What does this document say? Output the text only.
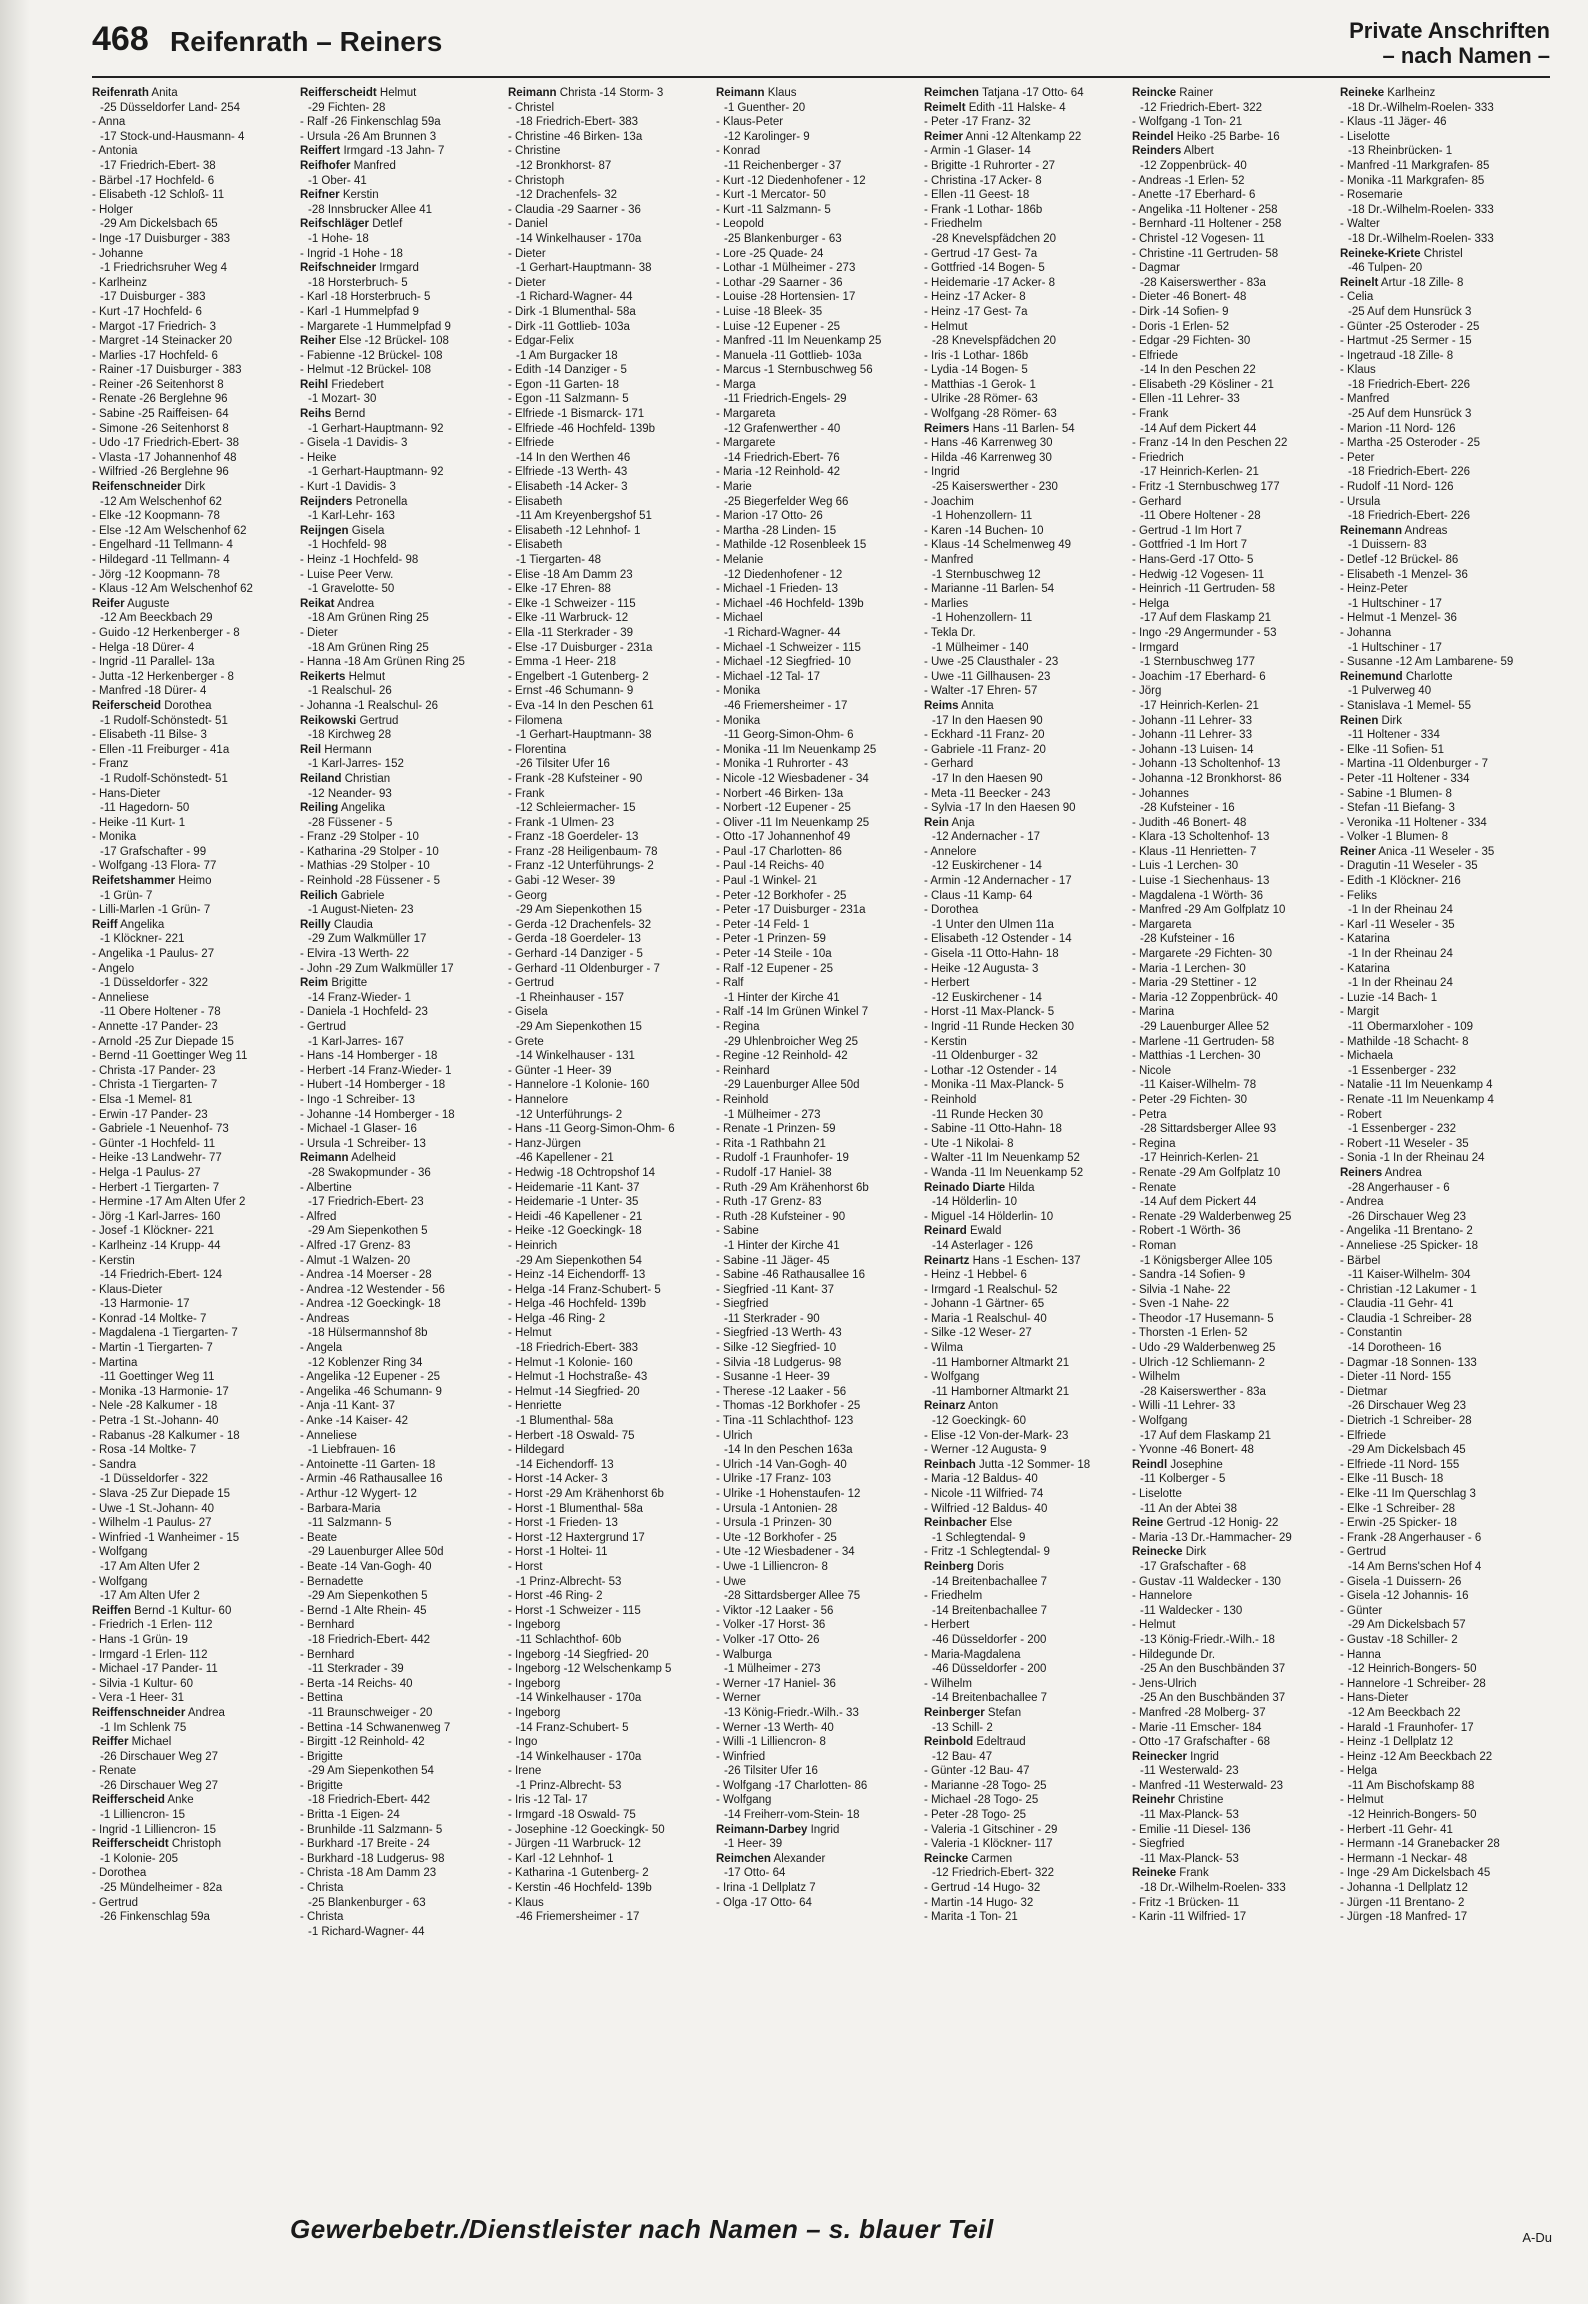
468 Reifenrath – Reiners	Private Anschriften
– nach Namen –
Reifenrath Anita
-25 Düsseldorfer Land- 254
- Anna
-17 Stock-und-Hausmann- 4
- Antonia
-17 Friedrich-Ebert- 38
- Bärbel -17 Hochfeld- 6
- Elisabeth -12 Schloß- 11
- Holger
-29 Am Dickelsbach 65
- Inge -17 Duisburger - 383
- Johanne
-1 Friedrichsruher Weg 4
- Karlheinz
-17 Duisburger - 383
- Kurt -17 Hochfeld- 6
- Margot -17 Friedrich- 3
- Margret -14 Steinacker 20
- Marlies -17 Hochfeld- 6
- Rainer -17 Duisburger - 383
- Reiner -26 Seitenhorst 8
- Renate -26 Berglehne 96
- Sabine -25 Raiffeisen- 64
- Simone -26 Seitenhorst 8
- Udo -17 Friedrich-Ebert- 38
- Vlasta -17 Johannenhof 48
- Wilfried -26 Berglehne 96
Reifenschneider Dirk
-12 Am Welschenhof 62
- Elke -12 Koopmann- 78
- Else -12 Am Welschenhof 62
- Engelhard -11 Tellmann- 4
- Hildegard -11 Tellmann- 4
- Jörg -12 Koopmann- 78
- Klaus -12 Am Welschenhof 62
Reifer Auguste
-12 Am Beeckbach 29
- Guido -12 Herkenberger - 8
- Helga -18 Dürer- 4
- Ingrid -11 Parallel- 13a
- Jutta -12 Herkenberger - 8
- Manfred -18 Dürer- 4
Reiferscheid Dorothea
-1 Rudolf-Schönstedt- 51
- Elisabeth -11 Bilse- 3
- Ellen -11 Freiburger - 41a
- Franz
-1 Rudolf-Schönstedt- 51
- Hans-Dieter
-11 Hagedorn- 50
- Heike -11 Kurt- 1
- Monika
-17 Grafschafter - 99
- Wolfgang -13 Flora- 77
Reifetshammer Heimo
-1 Grün- 7
- Lilli-Marlen -1 Grün- 7
Reiff Angelika
-1 Klöckner- 221
- Angelika -1 Paulus- 27
- Angelo
-1 Düsseldorfer - 322
- Anneliese
-11 Obere Holtener - 78
- Annette -17 Pander- 23
- Arnold -25 Zur Diepade 15
- Bernd -11 Goettinger Weg 11
- Christa -17 Pander- 23
- Christa -1 Tiergarten- 7
- Elsa -1 Memel- 81
- Erwin -17 Pander- 23
- Gabriele -1 Neuenhof- 73
- Günter -1 Hochfeld- 11
- Heike -13 Landwehr- 77
- Helga -1 Paulus- 27
- Herbert -1 Tiergarten- 7
- Hermine -17 Am Alten Ufer 2
- Jörg -1 Karl-Jarres- 160
- Josef -1 Klöckner- 221
- Karlheinz -14 Krupp- 44
- Kerstin
-14 Friedrich-Ebert- 124
- Klaus-Dieter
-13 Harmonie- 17
- Konrad -14 Moltke- 7
- Magdalena -1 Tiergarten- 7
- Martin -1 Tiergarten- 7
- Martina
-11 Goettinger Weg 11
- Monika -13 Harmonie- 17
- Nele -28 Kalkumer - 18
- Petra -1 St.-Johann- 40
- Rabanus -28 Kalkumer - 18
- Rosa -14 Moltke- 7
- Sandra
-1 Düsseldorfer - 322
- Slava -25 Zur Diepade 15
- Uwe -1 St.-Johann- 40
- Wilhelm -1 Paulus- 27
- Winfried -1 Wanheimer - 15
- Wolfgang
-17 Am Alten Ufer 2
- Wolfgang
-17 Am Alten Ufer 2
Reiffen Bernd -1 Kultur- 60
- Friedrich -1 Erlen- 112
- Hans -1 Grün- 19
- Irmgard -1 Erlen- 112
- Michael -17 Pander- 11
- Silvia -1 Kultur- 60
- Vera -1 Heer- 31
Reiffenschneider Andrea
-1 Im Schlenk 75
Reiffer Michael
-26 Dirschauer Weg 27
- Renate
-26 Dirschauer Weg 27
Reifferscheid Anke
-1 Lilliencron- 15
- Ingrid -1 Lilliencron- 15
Reifferscheidt Christoph
-1 Kolonie- 205
- Dorothea
-25 Mündelheimer - 82a
- Gertrud
-26 Finkenschlag 59a
Reifferscheidt Helmut
-29 Fichten- 28
- Ralf -26 Finkenschlag 59a
- Ursula -26 Am Brunnen 3
Reiffert Irmgard -13 Jahn- 7
Reifhofer Manfred
-1 Ober- 41
Reifner Kerstin
-28 Innsbrucker Allee 41
Reifschläger Detlef
-1 Hohe- 18
- Ingrid -1 Hohe - 18
Reifschneider Irmgard
-18 Horsterbruch- 5
- Karl -18 Horsterbruch- 5
- Karl -1 Hummelpfad 9
- Margarete -1 Hummelpfad 9
Reiher Else -12 Brückel- 108
- Fabienne -12 Brückel- 108
- Helmut -12 Brückel- 108
Reihl Friedebert
-1 Mozart- 30
Reihs Bernd
-1 Gerhart-Hauptmann- 92
- Gisela -1 Davidis- 3
- Heike
-1 Gerhart-Hauptmann- 92
- Kurt -1 Davidis- 3
Reijnders Petronella
-1 Karl-Lehr- 163
Reijngen Gisela
-1 Hochfeld- 98
- Heinz -1 Hochfeld- 98
- Luise Peer Verw.
-1 Gravelotte- 50
Reikat Andrea
-18 Am Grünen Ring 25
- Dieter
-18 Am Grünen Ring 25
- Hanna -18 Am Grünen Ring 25
Reikerts Helmut
-1 Realschul- 26
- Johanna -1 Realschul- 26
Reikowski Gertrud
-18 Kirchweg 28
Reil Hermann
-1 Karl-Jarres- 152
Reiland Christian
-12 Neander- 93
Reiling Angelika
-28 Füssener - 5
- Franz -29 Stolper - 10
- Katharina -29 Stolper - 10
- Mathias -29 Stolper - 10
- Reinhold -28 Füssener - 5
Reilich Gabriele
-1 August-Nieten- 23
Reilly Claudia
-29 Zum Walkmüller 17
- Elvira -13 Werth- 22
- John -29 Zum Walkmüller 17
Reim Brigitte
-14 Franz-Wieder- 1
- Daniela -1 Hochfeld- 23
- Gertrud
-1 Karl-Jarres- 167
- Hans -14 Homberger - 18
- Herbert -14 Franz-Wieder- 1
- Hubert -14 Homberger - 18
- Ingo -1 Schreiber- 13
- Johanne -14 Homberger - 18
- Michael -1 Glaser- 16
- Ursula -1 Schreiber- 13
Reimann Adelheid
-28 Swakopmunder - 36
- Albertine
-17 Friedrich-Ebert- 23
- Alfred
-29 Am Siepenkothen 5
- Alfred -17 Grenz- 83
- Almut -1 Walzen- 20
- Andrea -14 Moerser - 28
- Andrea -12 Westender - 56
- Andrea -12 Goeckingk- 18
- Andreas
-18 Hülsermannshof 8b
- Angela
-12 Koblenzer Ring 34
- Angelika -12 Eupener - 25
- Angelika -46 Schumann- 9
- Anja -11 Kant- 37
- Anke -14 Kaiser- 42
- Anneliese
-1 Liebfrauen- 16
- Antoinette -11 Garten- 18
- Armin -46 Rathausallee 16
- Arthur -12 Wygert- 12
- Barbara-Maria
-11 Salzmann- 5
- Beate
-29 Lauenburger Allee 50d
- Beate -14 Van-Gogh- 40
- Bernadette
-29 Am Siepenkothen 5
- Bernd -1 Alte Rhein- 45
- Bernhard
-18 Friedrich-Ebert- 442
- Bernhard
-11 Sterkrader - 39
- Berta -14 Reichs- 40
- Bettina
-11 Braunschweiger - 20
- Bettina -14 Schwanenweg 7
- Birgitt -12 Reinhold- 42
- Brigitte
-29 Am Siepenkothen 54
- Brigitte
-18 Friedrich-Ebert- 442
- Britta -1 Eigen- 24
- Brunhilde -11 Salzmann- 5
- Burkhard -17 Breite - 24
- Burkhard -18 Ludgerus- 98
- Christa -18 Am Damm 23
- Christa
-25 Blankenburger - 63
- Christa
-1 Richard-Wagner- 44
Reimann Christa -14 Storm- 3
- Christel
-18 Friedrich-Ebert- 383
- Christine -46 Birken- 13a
- Christine
-12 Bronkhorst- 87
- Christoph
-12 Drachenfels- 32
- Claudia -29 Saarner - 36
- Daniel
-14 Winkelhauser - 170a
- Dieter
-1 Gerhart-Hauptmann- 38
- Dieter
-1 Richard-Wagner- 44
- Dirk -1 Blumenthal- 58a
- Dirk -11 Gottlieb- 103a
- Edgar-Felix
-1 Am Burgacker 18
- Edith -14 Danziger - 5
- Egon -11 Garten- 18
- Egon -11 Salzmann- 5
- Elfriede -1 Bismarck- 171
- Elfriede -46 Hochfeld- 139b
- Elfriede
-14 In den Werthen 46
- Elfriede -13 Werth- 43
- Elisabeth -14 Acker- 3
- Elisabeth
-11 Am Kreyenbergshof 51
- Elisabeth -12 Lehnhof- 1
- Elisabeth
-1 Tiergarten- 48
- Elise -18 Am Damm 23
- Elke -17 Ehren- 88
- Elke -1 Schweizer - 115
- Elke -11 Warbruck- 12
- Ella -11 Sterkrader - 39
- Else -17 Duisburger - 231a
- Emma -1 Heer- 218
- Engelbert -1 Gutenberg- 2
- Ernst -46 Schumann- 9
- Eva -14 In den Peschen 61
- Filomena
-1 Gerhart-Hauptmann- 38
- Florentina
-26 Tilsiter Ufer 16
- Frank -28 Kufsteiner - 90
- Frank
-12 Schleiermacher- 15
- Frank -1 Ulmen- 23
- Franz -18 Goerdeler- 13
- Franz -28 Heiligenbaum- 78
- Franz -12 Unterführungs- 2
- Gabi -12 Weser- 39
- Georg
-29 Am Siepenkothen 15
- Gerda -12 Drachenfels- 32
- Gerda -18 Goerdeler- 13
- Gerhard -14 Danziger - 5
- Gerhard -11 Oldenburger - 7
- Gertrud
-1 Rheinhauser - 157
- Gisela
-29 Am Siepenkothen 15
- Grete
-14 Winkelhauser - 131
- Günter -1 Heer- 39
- Hannelore -1 Kolonie- 160
- Hannelore
-12 Unterführungs- 2
- Hans -11 Georg-Simon-Ohm- 6
- Hanz-Jürgen
-46 Kapellener - 21
- Hedwig -18 Ochtropshof 14
- Heidemarie -11 Kant- 37
- Heidemarie -1 Unter- 35
- Heidi -46 Kapellener - 21
- Heike -12 Goeckingk- 18
- Heinrich
-29 Am Siepenkothen 54
- Heinz -14 Eichendorff- 13
- Helga -14 Franz-Schubert- 5
- Helga -46 Hochfeld- 139b
- Helga -46 Ring- 2
- Helmut
-18 Friedrich-Ebert- 383
- Helmut -1 Kolonie- 160
- Helmut -1 Hochstraße- 43
- Helmut -14 Siegfried- 20
- Henriette
-1 Blumenthal- 58a
- Herbert -18 Oswald- 75
- Hildegard
-14 Eichendorff- 13
- Horst -14 Acker- 3
- Horst -29 Am Krähenhorst 6b
- Horst -1 Blumenthal- 58a
- Horst -1 Frieden- 13
- Horst -12 Haxtergrund 17
- Horst -1 Holtei- 11
- Horst
-1 Prinz-Albrecht- 53
- Horst -46 Ring- 2
- Horst -1 Schweizer - 115
- Ingeborg
-11 Schlachthof- 60b
- Ingeborg -14 Siegfried- 20
- Ingeborg -12 Welschenkamp 5
- Ingeborg
-14 Winkelhauser - 170a
- Ingeborg
-14 Franz-Schubert- 5
- Ingo
-14 Winkelhauser - 170a
- Irene
-1 Prinz-Albrecht- 53
- Iris -12 Tal- 17
- Irmgard -18 Oswald- 75
- Josephine -12 Goeckingk- 50
- Jürgen -11 Warbruck- 12
- Karl -12 Lehnhof- 1
- Katharina -1 Gutenberg- 2
- Kerstin -46 Hochfeld- 139b
- Klaus
-46 Friemersheimer - 17
Reimann Klaus
-1 Guenther- 20
- Klaus-Peter
-12 Karolinger- 9
- Konrad
-11 Reichenberger - 37
- Kurt -12 Diedenhofener - 12
- Kurt -1 Mercator- 50
- Kurt -11 Salzmann- 5
- Leopold
-25 Blankenburger - 63
- Lore -25 Quade- 24
- Lothar -1 Mülheimer - 273
- Lothar -29 Saarner - 36
- Louise -28 Hortensien- 17
- Luise -18 Bleek- 35
- Luise -12 Eupener - 25
- Manfred -11 Im Neuenkamp 25
- Manuela -11 Gottlieb- 103a
- Marcus -1 Sternbuschweg 56
- Marga
-11 Friedrich-Engels- 29
- Margareta
-12 Grafenwerther - 40
- Margarete
-14 Friedrich-Ebert- 76
- Maria -12 Reinhold- 42
- Marie
-25 Biegerfelder Weg 66
- Marion -17 Otto- 26
- Martha -28 Linden- 15
- Mathilde -12 Rosenbleek 15
- Melanie
-12 Diedenhofener - 12
- Michael -1 Frieden- 13
- Michael -46 Hochfeld- 139b
- Michael
-1 Richard-Wagner- 44
- Michael -1 Schweizer - 115
- Michael -12 Siegfried- 10
- Michael -12 Tal- 17
- Monika
-46 Friemersheimer - 17
- Monika
-11 Georg-Simon-Ohm- 6
- Monika -11 Im Neuenkamp 25
- Monika -1 Ruhrorter - 43
- Nicole -12 Wiesbadener - 34
- Norbert -46 Birken- 13a
- Norbert -12 Eupener - 25
- Oliver -11 Im Neuenkamp 25
- Otto -17 Johannenhof 49
- Paul -17 Charlotten- 86
- Paul -14 Reichs- 40
- Paul -1 Winkel- 21
- Peter -12 Borkhofer - 25
- Peter -17 Duisburger - 231a
- Peter -14 Feld- 1
- Peter -1 Prinzen- 59
- Peter -14 Steile - 10a
- Ralf -12 Eupener - 25
- Ralf
-1 Hinter der Kirche 41
- Ralf -14 Im Grünen Winkel 7
- Regina
-29 Uhlenbroicher Weg 25
- Regine -12 Reinhold- 42
- Reinhard
-29 Lauenburger Allee 50d
- Reinhold
-1 Mülheimer - 273
- Renate -1 Prinzen- 59
- Rita -1 Rathbahn 21
- Rudolf -1 Fraunhofer- 19
- Rudolf -17 Haniel- 38
- Ruth -29 Am Krähenhorst 6b
- Ruth -17 Grenz- 83
- Ruth -28 Kufsteiner - 90
- Sabine
-1 Hinter der Kirche 41
- Sabine -11 Jäger- 45
- Sabine -46 Rathausallee 16
- Siegfried -11 Kant- 37
- Siegfried
-11 Sterkrader - 90
- Siegfried -13 Werth- 43
- Silke -12 Siegfried- 10
- Silvia -18 Ludgerus- 98
- Susanne -1 Heer- 39
- Therese -12 Laaker - 56
- Thomas -12 Borkhofer - 25
- Tina -11 Schlachthof- 123
- Ulrich
-14 In den Peschen 163a
- Ulrich -14 Van-Gogh- 40
- Ulrike -17 Franz- 103
- Ulrike -1 Hohenstaufen- 12
- Ursula -1 Antonien- 28
- Ursula -1 Prinzen- 30
- Ute -12 Borkhofer - 25
- Ute -12 Wiesbadener - 34
- Uwe -1 Lilliencron- 8
- Uwe
-28 Sittardsberger Allee 75
- Viktor -12 Laaker - 56
- Volker -17 Horst- 36
- Volker -17 Otto- 26
- Walburga
-1 Mülheimer - 273
- Werner -17 Haniel- 36
- Werner
-13 König-Friedr.-Wilh.- 33
- Werner -13 Werth- 40
- Willi -1 Lilliencron- 8
- Winfried
-26 Tilsiter Ufer 16
- Wolfgang -17 Charlotten- 86
- Wolfgang
-14 Freiherr-vom-Stein- 18
Reimann-Darbey Ingrid
-1 Heer- 39
Reimchen Alexander
-17 Otto- 64
- Irina -1 Dellplatz 7
- Olga -17 Otto- 64
Reimchen Tatjana -17 Otto- 64
Reimelt Edith -11 Halske- 4
- Peter -17 Franz- 32
Reimer Anni -12 Altenkamp 22
- Armin -1 Glaser- 14
- Brigitte -1 Ruhrorter - 27
- Christina -17 Acker- 8
- Ellen -11 Geest- 18
- Frank -1 Lothar- 186b
- Friedhelm
-28 Knevelspfädchen 20
- Gertrud -17 Gest- 7a
- Gottfried -14 Bogen- 5
- Heidemarie -17 Acker- 8
- Heinz -17 Acker- 8
- Heinz -17 Gest- 7a
- Helmut
-28 Knevelspfädchen 20
- Iris -1 Lothar- 186b
- Lydia -14 Bogen- 5
- Matthias -1 Gerok- 1
- Ulrike -28 Römer- 63
- Wolfgang -28 Römer- 63
Reimers Hans -11 Barlen- 54
- Hans -46 Karrenweg 30
- Hilda -46 Karrenweg 30
- Ingrid
-25 Kaiserswerther - 230
- Joachim
-1 Hohenzollern- 11
- Karen -14 Buchen- 10
- Klaus -14 Schelmenweg 49
- Manfred
-1 Sternbuschweg 12
- Marianne -11 Barlen- 54
- Marlies
-1 Hohenzollern- 11
- Tekla Dr.
-1 Mülheimer - 140
- Uwe -25 Clausthaler - 23
- Uwe -11 Gillhausen- 23
- Walter -17 Ehren- 57
Reims Annita
-17 In den Haesen 90
- Eckhard -11 Franz- 20
- Gabriele -11 Franz- 20
- Gerhard
-17 In den Haesen 90
- Meta -11 Beecker - 243
- Sylvia -17 In den Haesen 90
Rein Anja
-12 Andernacher - 17
- Annelore
-12 Euskirchener - 14
- Armin -12 Andernacher - 17
- Claus -11 Kamp- 64
- Dorothea
-1 Unter den Ulmen 11a
- Elisabeth -12 Ostender - 14
- Gisela -11 Otto-Hahn- 18
- Heike -12 Augusta- 3
- Herbert
-12 Euskirchener - 14
- Horst -11 Max-Planck- 5
- Ingrid -11 Runde Hecken 30
- Kerstin
-11 Oldenburger - 32
- Lothar -12 Ostender - 14
- Monika -11 Max-Planck- 5
- Reinhold
-11 Runde Hecken 30
- Sabine -11 Otto-Hahn- 18
- Ute -1 Nikolai- 8
- Walter -11 Im Neuenkamp 52
- Wanda -11 Im Neuenkamp 52
Reinado Diarte Hilda
-14 Hölderlin- 10
- Miguel -14 Hölderlin- 10
Reinard Ewald
-14 Asterlager - 126
Reinartz Hans -1 Eschen- 137
- Heinz -1 Hebbel- 6
- Irmgard -1 Realschul- 52
- Johann -1 Gärtner- 65
- Maria -1 Realschul- 40
- Silke -12 Weser- 27
- Wilma
-11 Hamborner Altmarkt 21
- Wolfgang
-11 Hamborner Altmarkt 21
Reinarz Anton
-12 Goeckingk- 60
- Elise -12 Von-der-Mark- 23
- Werner -12 Augusta- 9
Reinbach Jutta -12 Sommer- 18
- Maria -12 Baldus- 40
- Nicole -11 Wilfried- 74
- Wilfried -12 Baldus- 40
Reinbacher Else
-1 Schlegtendal- 9
- Fritz -1 Schlegtendal- 9
Reinberg Doris
-14 Breitenbachallee 7
- Friedhelm
-14 Breitenbachallee 7
- Herbert
-46 Düsseldorfer - 200
- Maria-Magdalena
-46 Düsseldorfer - 200
- Wilhelm
-14 Breitenbachallee 7
Reinberger Stefan
-13 Schill- 2
Reinbold Edeltraud
-12 Bau- 47
- Günter -12 Bau- 47
- Marianne -28 Togo- 25
- Michael -28 Togo- 25
- Peter -28 Togo- 25
- Valeria -1 Gitschiner - 29
- Valeria -1 Klöckner- 117
Reincke Carmen
-12 Friedrich-Ebert- 322
- Gertrud -14 Hugo- 32
- Martin -14 Hugo- 32
- Marita -1 Ton- 21
Reincke Rainer
-12 Friedrich-Ebert- 322
- Wolfgang -1 Ton- 21
Reindel Heiko -25 Barbe- 16
Reinders Albert
-12 Zoppenbrück- 40
- Andreas -1 Erlen- 52
- Anette -17 Eberhard- 6
- Angelika -11 Holtener - 258
- Bernhard -11 Holtener - 258
- Christel -12 Vogesen- 11
- Christine -11 Gertruden- 58
- Dagmar
-28 Kaiserswerther - 83a
- Dieter -46 Bonert- 48
- Dirk -14 Sofien- 9
- Doris -1 Erlen- 52
- Edgar -29 Fichten- 30
- Elfriede
-14 In den Peschen 22
- Elisabeth -29 Kösliner - 21
- Ellen -11 Lehrer- 33
- Frank
-14 Auf dem Pickert 44
- Franz -14 In den Peschen 22
- Friedrich
-17 Heinrich-Kerlen- 21
- Fritz -1 Sternbuschweg 177
- Gerhard
-11 Obere Holtener - 28
- Gertrud -1 Im Hort 7
- Gottfried -1 Im Hort 7
- Hans-Gerd -17 Otto- 5
- Hedwig -12 Vogesen- 11
- Heinrich -11 Gertruden- 58
- Helga
-17 Auf dem Flaskamp 21
- Ingo -29 Angermunder - 53
- Irmgard
-1 Sternbuschweg 177
- Joachim -17 Eberhard- 6
- Jörg
-17 Heinrich-Kerlen- 21
- Johann -11 Lehrer- 33
- Johann -11 Lehrer- 33
- Johann -13 Luisen- 14
- Johann -13 Scholtenhof- 13
- Johanna -12 Bronkhorst- 86
- Johannes
-28 Kufsteiner - 16
- Judith -46 Bonert- 48
- Klara -13 Scholtenhof- 13
- Klaus -11 Henrietten- 7
- Luis -1 Lerchen- 30
- Luise -1 Siechenhaus- 13
- Magdalena -1 Wörth- 36
- Manfred -29 Am Golfplatz 10
- Margareta
-28 Kufsteiner - 16
- Margarete -29 Fichten- 30
- Maria -1 Lerchen- 30
- Maria -29 Stettiner - 12
- Maria -12 Zoppenbrück- 40
- Marina
-29 Lauenburger Allee 52
- Marlene -11 Gertruden- 58
- Matthias -1 Lerchen- 30
- Nicole
-11 Kaiser-Wilhelm- 78
- Peter -29 Fichten- 30
- Petra
-28 Sittardsberger Allee 93
- Regina
-17 Heinrich-Kerlen- 21
- Renate -29 Am Golfplatz 10
- Renate
-14 Auf dem Pickert 44
- Renate -29 Walderbenweg 25
- Robert -1 Wörth- 36
- Roman
-1 Königsberger Allee 105
- Sandra -14 Sofien- 9
- Silvia -1 Nahe- 22
- Sven -1 Nahe- 22
- Theodor -17 Husemann- 5
- Thorsten -1 Erlen- 52
- Udo -29 Walderbenweg 25
- Ulrich -12 Schliemann- 2
- Wilhelm
-28 Kaiserswerther - 83a
- Willi -11 Lehrer- 33
- Wolfgang
-17 Auf dem Flaskamp 21
- Yvonne -46 Bonert- 48
Reindl Josephine
-11 Kolberger - 5
- Liselotte
-11 An der Abtei 38
Reine Gertrud -12 Honig- 22
- Maria -13 Dr.-Hammacher- 29
Reinecke Dirk
-17 Grafschafter - 68
- Gustav -11 Waldecker - 130
- Hannelore
-11 Waldecker - 130
- Helmut
-13 König-Friedr.-Wilh.- 18
- Hildegunde Dr.
-25 An den Buschbänden 37
- Jens-Ulrich
-25 An den Buschbänden 37
- Manfred -28 Molberg- 37
- Marie -11 Emscher- 184
- Otto -17 Grafschafter - 68
Reinecker Ingrid
-11 Westerwald- 23
- Manfred -11 Westerwald- 23
Reinehr Christine
-11 Max-Planck- 53
- Emilie -11 Diesel- 136
- Siegfried
-11 Max-Planck- 53
Reineke Frank
-18 Dr.-Wilhelm-Roelen- 333
- Fritz -1 Brücken- 11
- Karin -11 Wilfried- 17
Reineke Karlheinz
-18 Dr.-Wilhelm-Roelen- 333
- Klaus -11 Jäger- 46
- Liselotte
-13 Rheinbrücken- 1
- Manfred -11 Markgrafen- 85
- Monika -11 Markgrafen- 85
- Rosemarie
-18 Dr.-Wilhelm-Roelen- 333
- Walter
-18 Dr.-Wilhelm-Roelen- 333
Reineke-Kriete Christel
-46 Tulpen- 20
Reinelt Artur -18 Zille- 8
- Celia
-25 Auf dem Hunsrück 3
- Günter -25 Osteroder - 25
- Hartmut -25 Sermer - 15
- Ingetraud -18 Zille- 8
- Klaus
-18 Friedrich-Ebert- 226
- Manfred
-25 Auf dem Hunsrück 3
- Marion -11 Nord- 126
- Martha -25 Osteroder - 25
- Peter
-18 Friedrich-Ebert- 226
- Rudolf -11 Nord- 126
- Ursula
-18 Friedrich-Ebert- 226
Reinemann Andreas
-1 Duissern- 83
- Detlef -12 Brückel- 86
- Elisabeth -1 Menzel- 36
- Heinz-Peter
-1 Hultschiner - 17
- Helmut -1 Menzel- 36
- Johanna
-1 Hultschiner - 17
- Susanne -12 Am Lambarene- 59
Reinemund Charlotte
-1 Pulverweg 40
- Stanislava -1 Memel- 55
Reinen Dirk
-11 Holtener - 334
- Elke -11 Sofien- 51
- Martina -11 Oldenburger - 7
- Peter -11 Holtener - 334
- Sabine -1 Blumen- 8
- Stefan -11 Biefang- 3
- Veronika -11 Holtener - 334
- Volker -1 Blumen- 8
Reiner Anica -11 Weseler - 35
- Dragutin -11 Weseler - 35
- Edith -1 Klöckner- 216
- Feliks
-1 In der Rheinau 24
- Karl -11 Weseler - 35
- Katarina
-1 In der Rheinau 24
- Katarina
-1 In der Rheinau 24
- Luzie -14 Bach- 1
- Margit
-11 Obermarxloher - 109
- Mathilde -18 Schacht- 8
- Michaela
-1 Essenberger - 232
- Natalie -11 Im Neuenkamp 4
- Renate -11 Im Neuenkamp 4
- Robert
-1 Essenberger - 232
- Robert -11 Weseler - 35
- Sonia -1 In der Rheinau 24
Reiners Andrea
-28 Angerhauser - 6
- Andrea
-26 Dirschauer Weg 23
- Angelika -11 Brentano- 2
- Anneliese -25 Spicker- 18
- Bärbel
-11 Kaiser-Wilhelm- 304
- Christian -12 Lakumer - 1
- Claudia -11 Gehr- 41
- Claudia -1 Schreiber- 28
- Constantin
-14 Dorotheen- 16
- Dagmar -18 Sonnen- 133
- Dieter -11 Nord- 155
- Dietmar
-26 Dirschauer Weg 23
- Dietrich -1 Schreiber- 28
- Elfriede
-29 Am Dickelsbach 45
- Elfriede -11 Nord- 155
- Elke -11 Busch- 18
- Elke -11 Im Querschlag 3
- Elke -1 Schreiber- 28
- Erwin -25 Spicker- 18
- Frank -28 Angerhauser - 6
- Gertrud
-14 Am Berns'schen Hof 4
- Gisela -1 Duissern- 26
- Gisela -12 Johannis- 16
- Günter
-29 Am Dickelsbach 57
- Gustav -18 Schiller- 2
- Hanna
-12 Heinrich-Bongers- 50
- Hannelore -1 Schreiber- 28
- Hans-Dieter
-12 Am Beeckbach 22
- Harald -1 Fraunhofer- 17
- Heinz -1 Dellplatz 12
- Heinz -12 Am Beeckbach 22
- Helga
-11 Am Bischofskamp 88
- Helmut
-12 Heinrich-Bongers- 50
- Herbert -11 Gehr- 41
- Hermann -14 Granebacker 28
- Hermann -1 Neckar- 48
- Inge -29 Am Dickelsbach 45
- Johanna -1 Dellplatz 12
- Jürgen -11 Brentano- 2
- Jürgen -18 Manfred- 17
Gewerbebetr./Dienstleister nach Namen – s. blauer Teil	A-Du
